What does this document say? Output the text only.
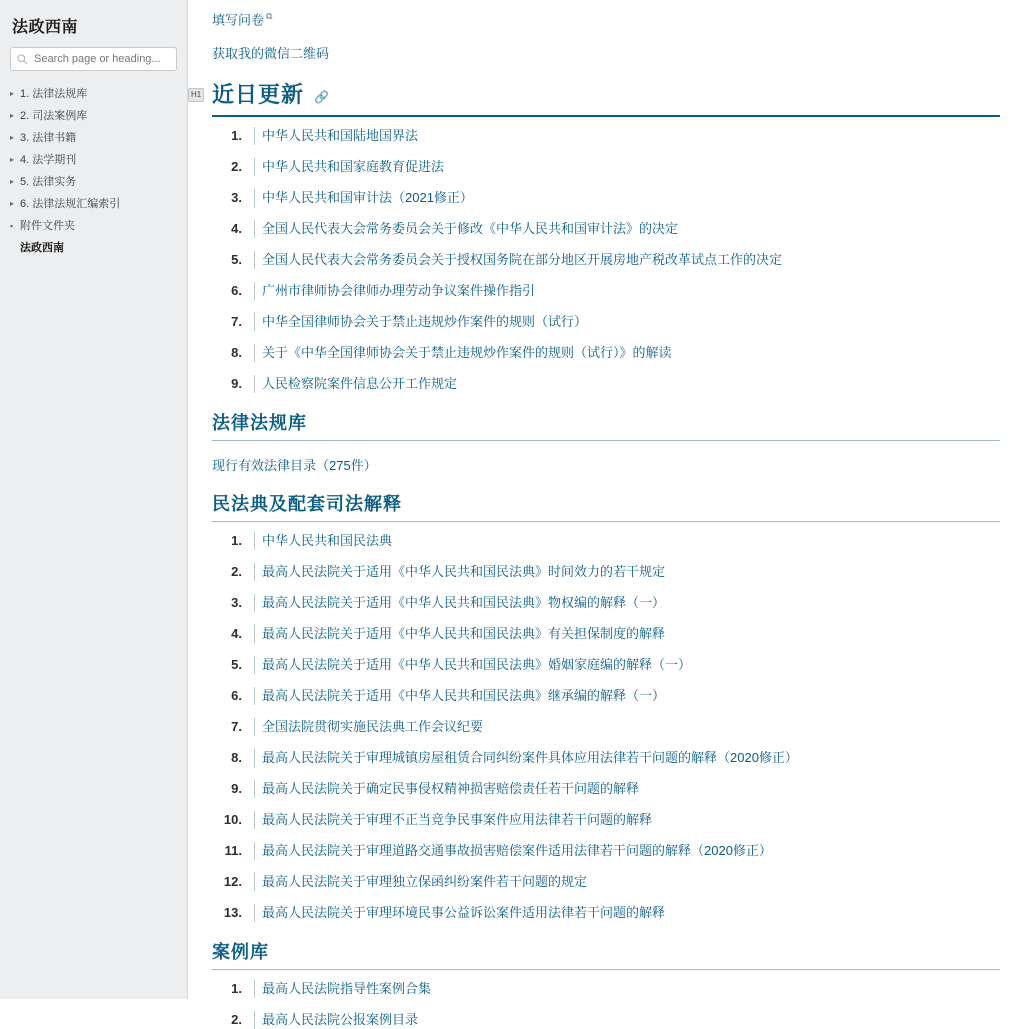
法政西南
Search page or heading...
▸ 1. 法律法规库
▸ 2. 司法案例库
▸ 3. 法律书籍
▸ 4. 法学期刊
▸ 5. 法律实务
▸ 6. 法律法规汇编索引
▪ 附件文件夹
法政西南
H1
填写问卷 ⧉
获取我的微信二维码
近日更新 🔗
中华人民共和国陆地国界法
中华人民共和国家庭教育促进法
中华人民共和国审计法（2021修正）
全国人民代表大会常务委员会关于修改《中华人民共和国审计法》的决定
全国人民代表大会常务委员会关于授权国务院在部分地区开展房地产税改革试点工作的决定
广州市律师协会律师办理劳动争议案件操作指引
中华全国律师协会关于禁止违规炒作案件的规则（试行）
关于《中华全国律师协会关于禁止违规炒作案件的规则（试行）》的解读
人民检察院案件信息公开工作规定
法律法规库
现行有效法律目录（275件）
民法典及配套司法解释
中华人民共和国民法典
最高人民法院关于适用《中华人民共和国民法典》时间效力的若干规定
最高人民法院关于适用《中华人民共和国民法典》物权编的解释（一）
最高人民法院关于适用《中华人民共和国民法典》有关担保制度的解释
最高人民法院关于适用《中华人民共和国民法典》婚姻家庭编的解释（一）
最高人民法院关于适用《中华人民共和国民法典》继承编的解释（一）
全国法院贯彻实施民法典工作会议纪要
最高人民法院关于审理城镇房屋租赁合同纠纷案件具体应用法律若干问题的解释（2020修正）
最高人民法院关于确定民事侵权精神损害赔偿责任若干问题的解释
最高人民法院关于审理不正当竞争民事案件应用法律若干问题的解释
最高人民法院关于审理道路交通事故损害赔偿案件适用法律若干问题的解释（2020修正）
最高人民法院关于审理独立保函纠纷案件若干问题的规定
最高人民法院关于审理环境民事公益诉讼案件适用法律若干问题的解释
案例库
最高人民法院指导性案例合集
最高人民法院公报案例目录
